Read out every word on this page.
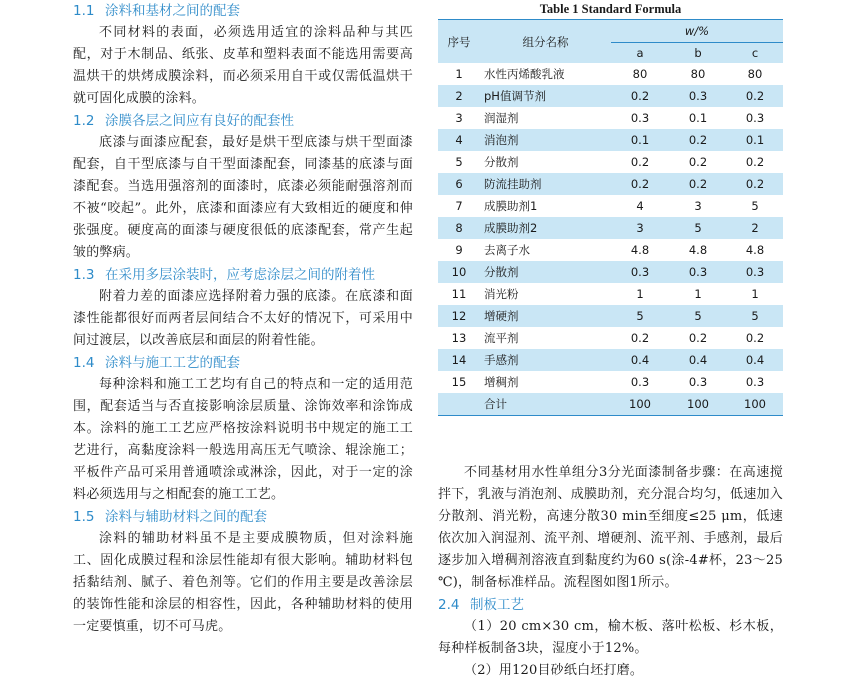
1.1 涂料和基材之间的配套

不同材料的表面，必须选用适宜的涂料品种与其匹配，对于木制品、纸张、皮革和塑料表面不能选用需要高温烘干的烘烤成膜涂料，而必须采用自干或仅需低温烘干就可固化成膜的涂料。

1.2 涂膜各层之间应有良好的配套性

底漆与面漆应配套，最好是烘干型底漆与烘干型面漆配套，自干型底漆与自干型面漆配套，同漆基的底漆与面漆配套。当选用强溶剂的面漆时，底漆必须能耐强溶剂而不被“咬起”。此外，底漆和面漆应有大致相近的硬度和伸张强度。硬度高的面漆与硬度很低的底漆配套，常产生起皱的弊病。

1.3 在采用多层涂装时，应考虑涂层之间的附着性

附着力差的面漆应选择附着力强的底漆。在底漆和面漆性能都很好而两者层间结合不太好的情况下，可采用中间过渡层，以改善底层和面层的附着性能。

1.4 涂料与施工工艺的配套

每种涂料和施工工艺均有自己的特点和一定的适用范围，配套适当与否直接影响涂层质量、涂饰效率和涂饰成本。涂料的施工工艺应严格按涂料说明书中规定的施工工艺进行，高黏度涂料一般选用高压无气喷涂、辊涂施工；平板件产品可采用普通喷涂或淋涂，因此，对于一定的涂料必须选用与之相配套的施工工艺。

1.5 涂料与辅助材料之间的配套

涂料的辅助材料虽不是主要成膜物质，但对涂料施工、固化成膜过程和涂层性能却有很大影响。辅助材料包括黏结剂、腻子、着色剂等。它们的作用主要是改善涂层的装饰性能和涂层的相容性，因此，各种辅助材料的使用一定要慎重，切不可马虎。

Table 1 Standard Formula
序号	组分名称	w/%		
		a	b	c
1	水性丙烯酸乳液	80	80	80
2	pH值调节剂	0.2	0.3	0.2
3	润湿剂	0.3	0.1	0.3
4	消泡剂	0.1	0.2	0.1
5	分散剂	0.2	0.2	0.2
6	防流挂助剂	0.2	0.2	0.2
7	成膜助剂1	4	3	5
8	成膜助剂2	3	5	2
9	去离子水	4.8	4.8	4.8
10	分散剂	0.3	0.3	0.3
11	消光粉	1	1	1
12	增硬剂	5	5	5
13	流平剂	0.2	0.2	0.2
14	手感剂	0.4	0.4	0.4
15	增稠剂	0.3	0.3	0.3
	合计	100	100	100

不同基材用水性单组分3分光面漆制备步骤：在高速搅拌下，乳液与消泡剂、成膜助剂，充分混合均匀，低速加入分散剂、消光粉，高速分散30 min至细度≤25 μm，低速依次加入润湿剂、流平剂、增硬剂、流平剂、手感剂，最后逐步加入增稠剂溶液直到黏度约为60 s(涂-4#杯，23～25 ℃)，制备标准样品。流程图如图1所示。

2.4 制板工艺

（1）20 cm×30 cm，榆木板、落叶松板、杉木板，每种样板制备3块，湿度小于12%。

（2）用120目砂纸白坯打磨。
